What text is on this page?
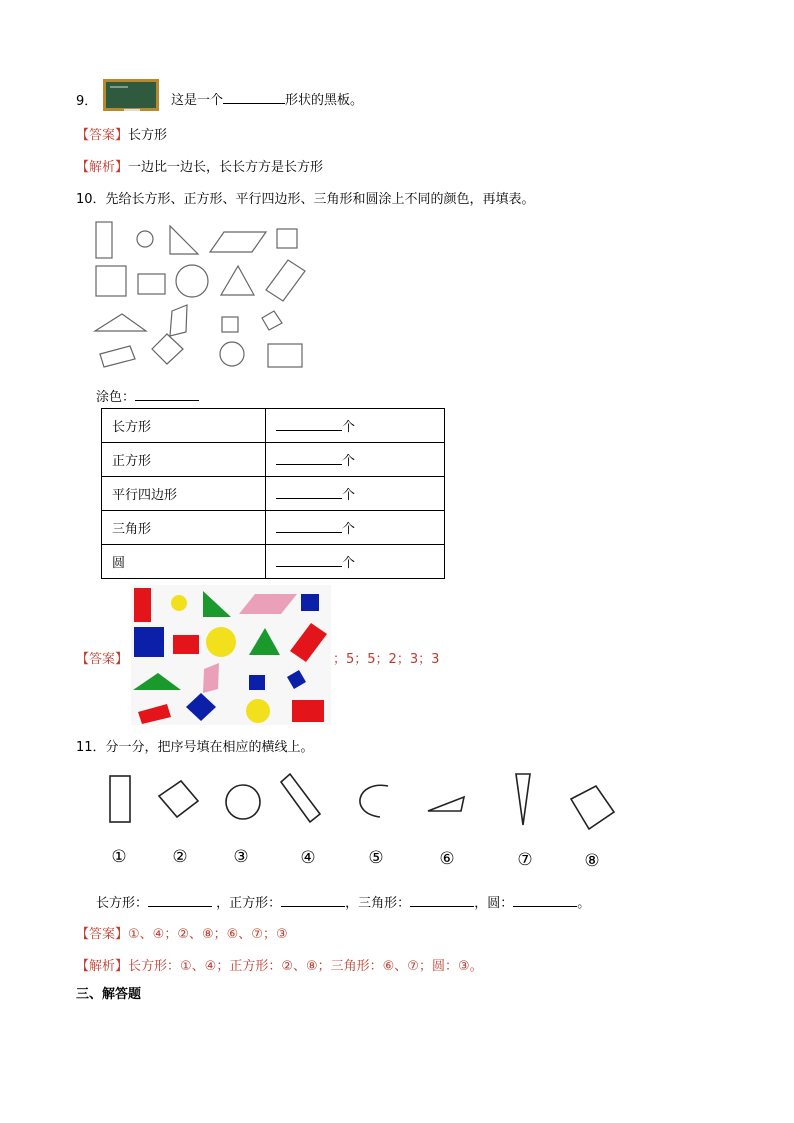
9．	这是一个	形状的黑板。
【答案】长方形
【解析】一边比一边长，长长方方是长方形
10．先给长方形、正方形、平行四边形、三角形和圆涂上不同的颜色，再填表。
涂色：
长方形	个
正方形	个
平行四边形	个
三角形	个
圆	个
【答案】	；5；5；2；3；3
11．分一分，把序号填在相应的横线上。
①	②	③	④	⑤	⑥	⑦	⑧
长方形：	，正方形：	，三角形：	，圆：	。
【答案】①、④；②、⑧；⑥、⑦；③
【解析】长方形：①、④；正方形：②、⑧；三角形：⑥、⑦；圆：③。
三、解答题
